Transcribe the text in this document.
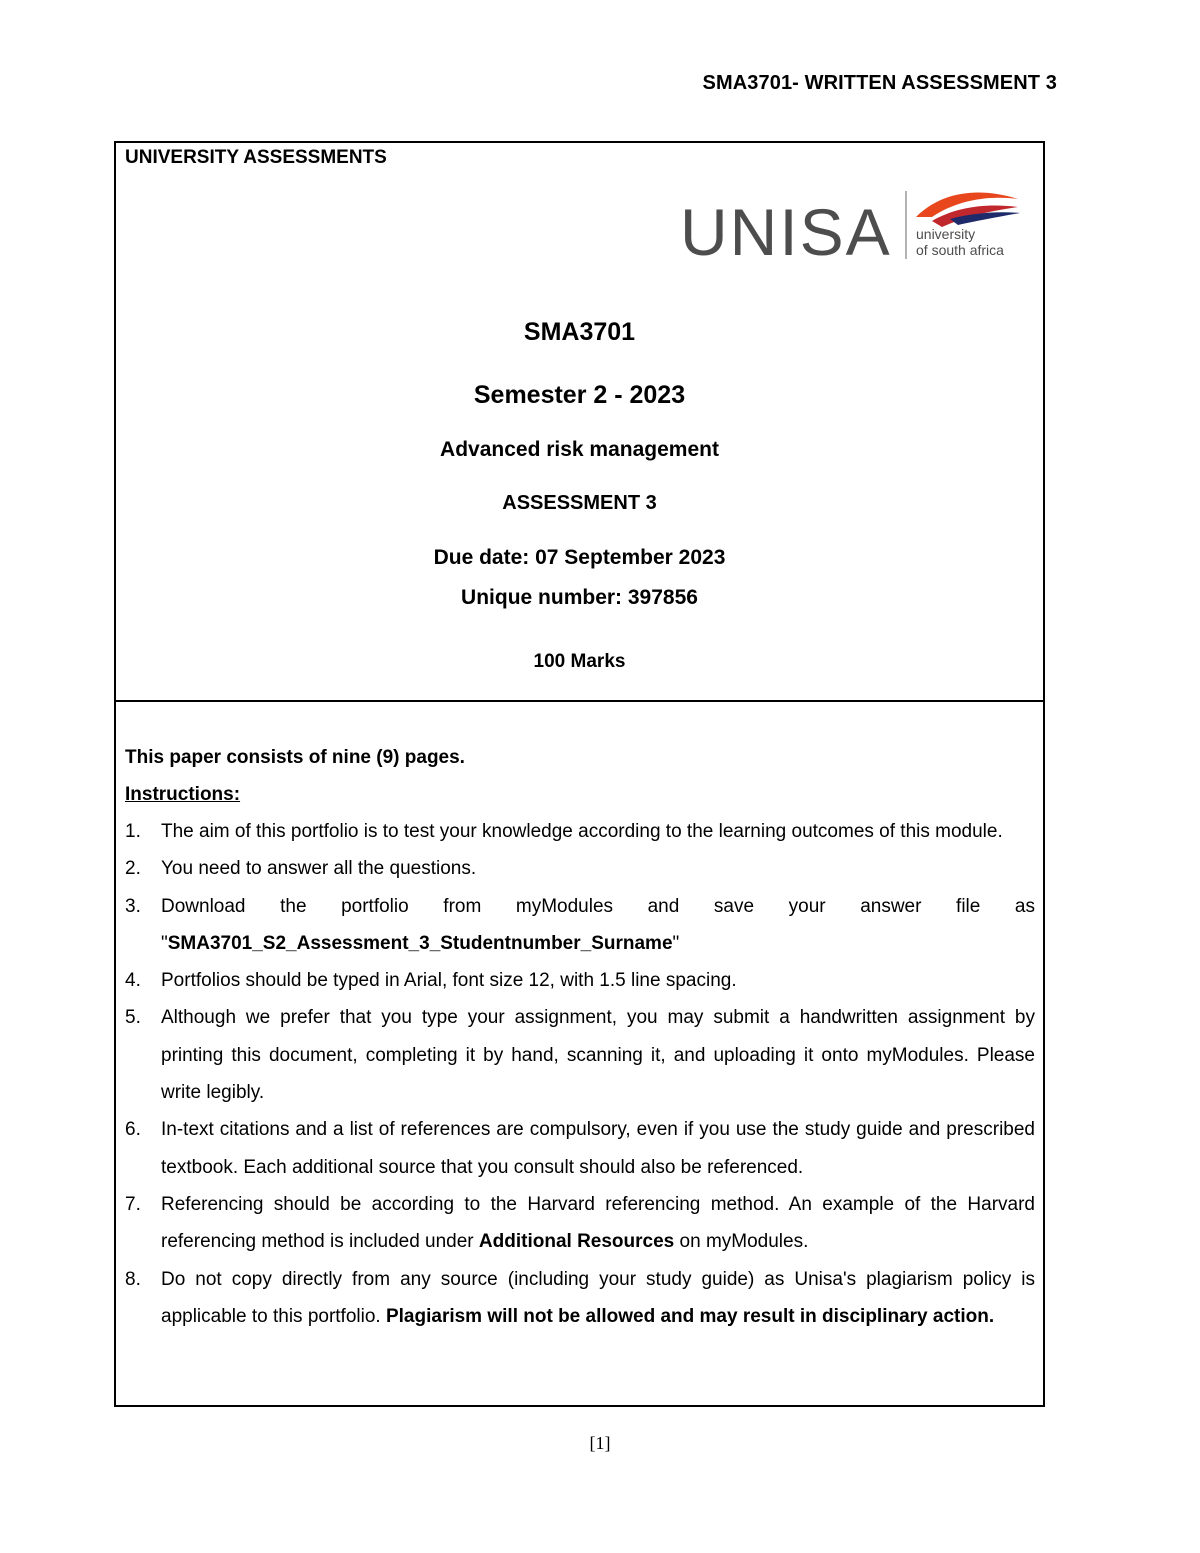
SMA3701- WRITTEN ASSESSMENT 3
UNIVERSITY ASSESSMENTS
UNISA university
of south africa
SMA3701
Semester 2 - 2023
Advanced risk management
ASSESSMENT 3
Due date: 07 September 2023
Unique number: 397856
100 Marks
This paper consists of nine (9) pages.
Instructions:
1.	The aim of this portfolio is to test your knowledge according to the learning outcomes of this module.
2.	You need to answer all the questions.
3.	Download the portfolio from myModules and save your answer file as "SMA3701_S2_Assessment_3_Studentnumber_Surname"
4.	Portfolios should be typed in Arial, font size 12, with 1.5 line spacing.
5.	Although we prefer that you type your assignment, you may submit a handwritten assignment by printing this document, completing it by hand, scanning it, and uploading it onto myModules. Please write legibly.
6.	In-text citations and a list of references are compulsory, even if you use the study guide and prescribed textbook. Each additional source that you consult should also be referenced.
7.	Referencing should be according to the Harvard referencing method. An example of the Harvard referencing method is included under Additional Resources on myModules.
8.	Do not copy directly from any source (including your study guide) as Unisa's plagiarism policy is applicable to this portfolio. Plagiarism will not be allowed and may result in disciplinary action.
[1]
